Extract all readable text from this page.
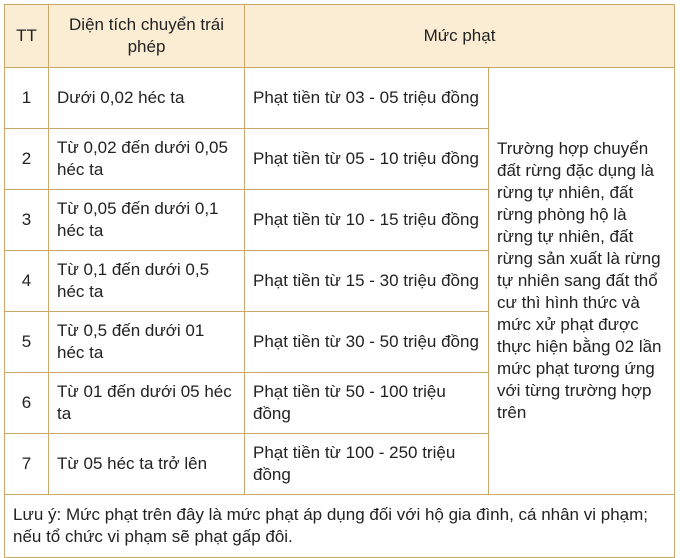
TT	Diện tích chuyển trái phép	Mức phạt	
1	Dưới 0,02 héc ta	Phạt tiền từ 03 - 05 triệu đồng	Trường hợp chuyển đất rừng đặc dụng là rừng tự nhiên, đất rừng phòng hộ là rừng tự nhiên, đất rừng sản xuất là rừng tự nhiên sang đất thổ cư thì hình thức và mức xử phạt được thực hiện bằng 02 lần mức phạt tương ứng với từng trường hợp trên
2	Từ 0,02 đến dưới 0,05 héc ta	Phạt tiền từ 05 - 10 triệu đồng	
3	Từ 0,05 đến dưới 0,1 héc ta	Phạt tiền từ 10 - 15 triệu đồng	
4	Từ 0,1 đến dưới 0,5 héc ta	Phạt tiền từ 15 - 30 triệu đồng	
5	Từ 0,5 đến dưới 01 héc ta	Phạt tiền từ 30 - 50 triệu đồng	
6	Từ 01 đến dưới 05 héc ta	Phạt tiền từ 50 - 100 triệu đồng	
7	Từ 05 héc ta trở lên	Phạt tiền từ 100 - 250 triệu đồng	
Lưu ý: Mức phạt trên đây là mức phạt áp dụng đối với hộ gia đình, cá nhân vi phạm; nếu tổ chức vi phạm sẽ phạt gấp đôi.			
